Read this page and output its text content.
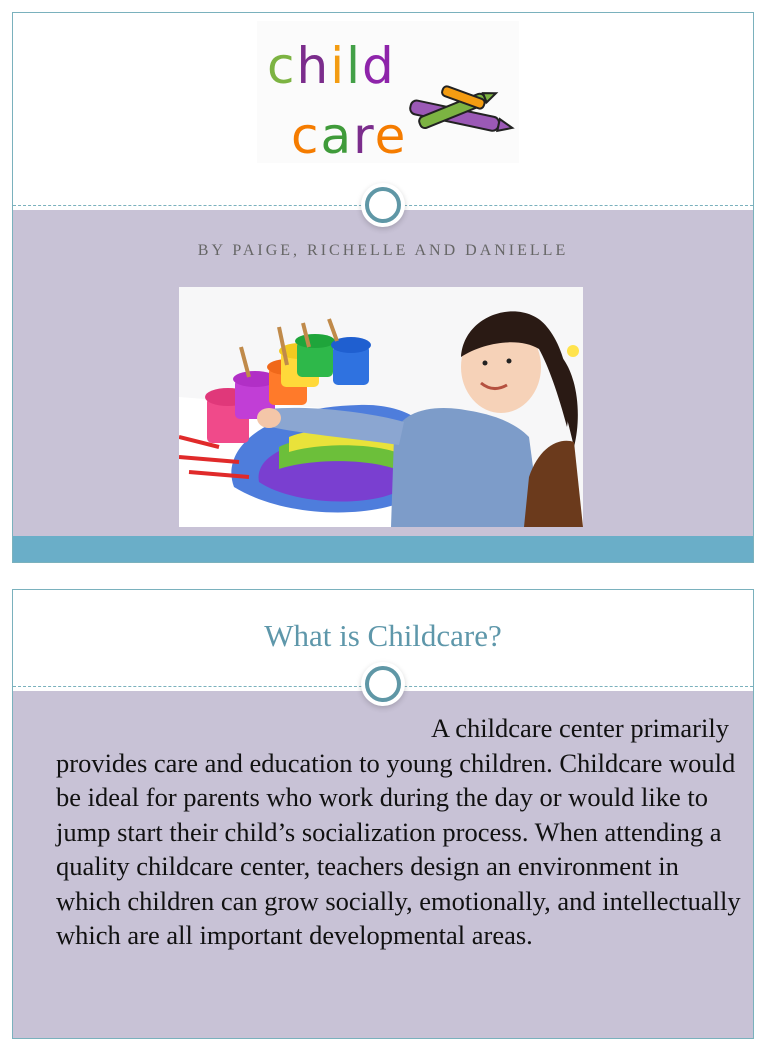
child
care
BY PAIGE, RICHELLE AND DANIELLE
What is Childcare?

A childcare center primarily provides care and education to young children. Childcare would be ideal for parents who work during the day or would like to jump start their child’s socialization process. When attending a quality childcare center, teachers design an environment in which children can grow socially, emotionally, and intellectually which are all important developmental areas.
